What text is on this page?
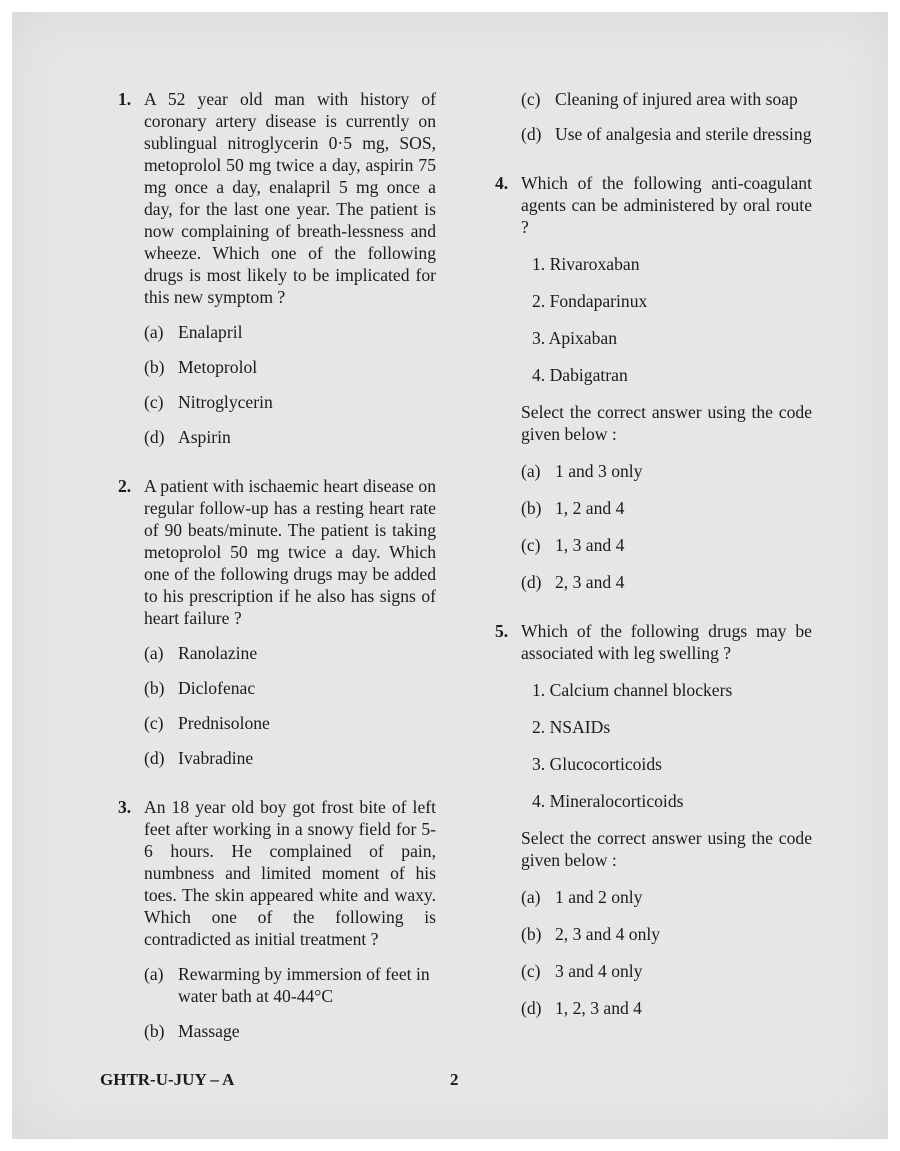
1. A 52 year old man with history of coronary artery disease is currently on sublingual nitroglycerin 0·5 mg, SOS, metoprolol 50 mg twice a day, aspirin 75 mg once a day, enalapril 5 mg once a day, for the last one year. The patient is now complaining of breath-lessness and wheeze. Which one of the following drugs is most likely to be implicated for this new symptom ?
(a) Enalapril
(b) Metoprolol
(c) Nitroglycerin
(d) Aspirin
2. A patient with ischaemic heart disease on regular follow-up has a resting heart rate of 90 beats/minute. The patient is taking metoprolol 50 mg twice a day. Which one of the following drugs may be added to his prescription if he also has signs of heart failure ?
(a) Ranolazine
(b) Diclofenac
(c) Prednisolone
(d) Ivabradine
3. An 18 year old boy got frost bite of left feet after working in a snowy field for 5-6 hours. He complained of pain, numbness and limited moment of his toes. The skin appeared white and waxy. Which one of the following is contradicted as initial treatment ?
(a) Rewarming by immersion of feet in water bath at 40-44°C
(b) Massage
(c) Cleaning of injured area with soap
(d) Use of analgesia and sterile dressing
4. Which of the following anti-coagulant agents can be administered by oral route ?
1. Rivaroxaban
2. Fondaparinux
3. Apixaban
4. Dabigatran
Select the correct answer using the code given below :
(a) 1 and 3 only
(b) 1, 2 and 4
(c) 1, 3 and 4
(d) 2, 3 and 4
5. Which of the following drugs may be associated with leg swelling ?
1. Calcium channel blockers
2. NSAIDs
3. Glucocorticoids
4. Mineralocorticoids
Select the correct answer using the code given below :
(a) 1 and 2 only
(b) 2, 3 and 4 only
(c) 3 and 4 only
(d) 1, 2, 3 and 4
GHTR-U-JUY – A	2
